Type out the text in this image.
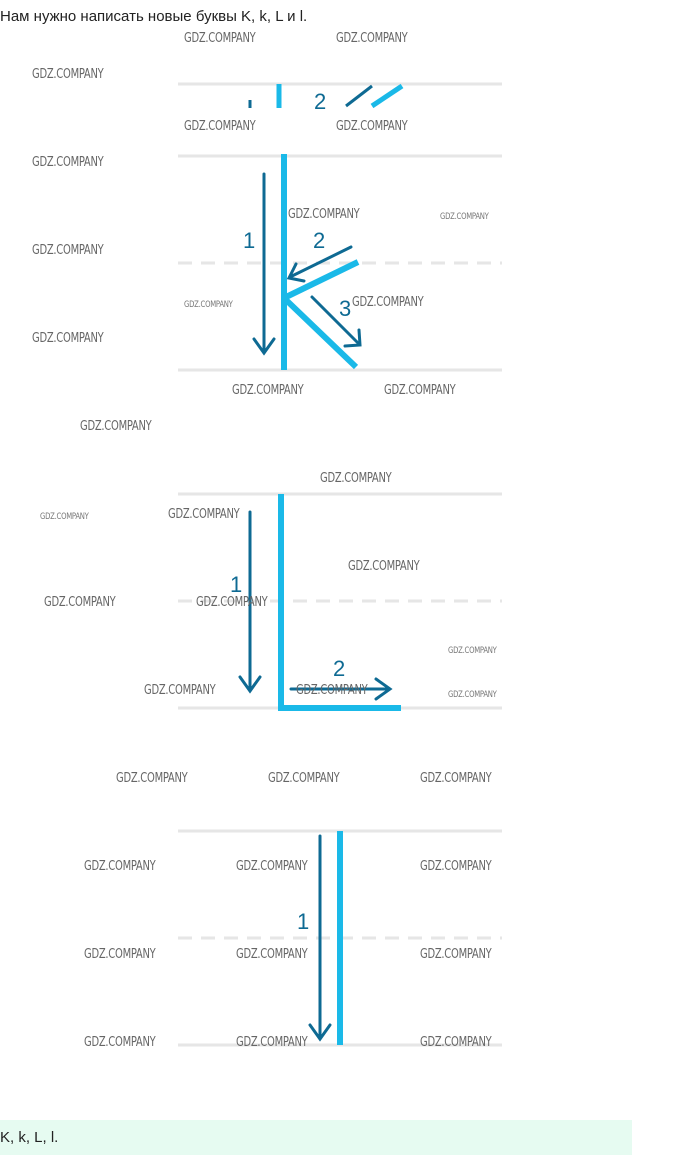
Нам нужно написать новые буквы K, k, L и l.
2
1	2
3
1
2
1
GDZ.COMPANY	GDZ.COMPANY
GDZ.COMPANY
GDZ.COMPANY	GDZ.COMPANY
GDZ.COMPANY
GDZ.COMPANY	GDZ.COMPANY
GDZ.COMPANY
GDZ.COMPANY	GDZ.COMPANY
GDZ.COMPANY
GDZ.COMPANY	GDZ.COMPANY
GDZ.COMPANY
GDZ.COMPANY
GDZ.COMPANY	GDZ.COMPANY
GDZ.COMPANY
GDZ.COMPANY	GDZ.COMPANY
GDZ.COMPANY
GDZ.COMPANY	GDZ.COMPANY	GDZ.COMPANY
GDZ.COMPANY	GDZ.COMPANY	GDZ.COMPANY
GDZ.COMPANY	GDZ.COMPANY	GDZ.COMPANY
GDZ.COMPANY	GDZ.COMPANY	GDZ.COMPANY
GDZ.COMPANY	GDZ.COMPANY	GDZ.COMPANY
K, k, L, l.
